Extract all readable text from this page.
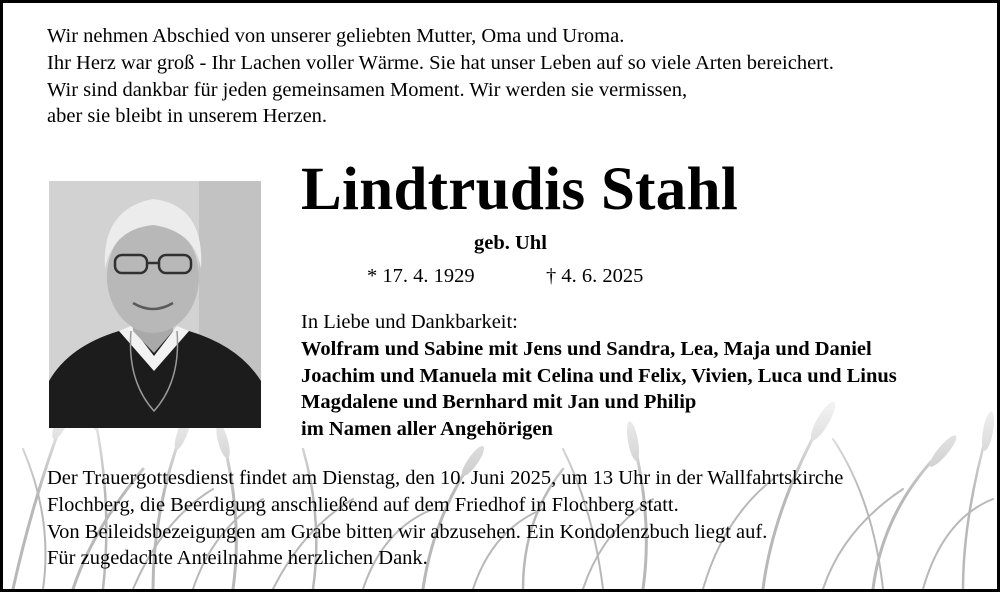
Wir nehmen Abschied von unserer geliebten Mutter, Oma und Uroma.
Ihr Herz war groß - Ihr Lachen voller Wärme. Sie hat unser Leben auf so viele Arten bereichert.
Wir sind dankbar für jeden gemeinsamen Moment. Wir werden sie vermissen,
aber sie bleibt in unserem Herzen.
Lindtrudis Stahl
geb. Uhl
* 17. 4. 1929	† 4. 6. 2025
In Liebe und Dankbarkeit:
Wolfram und Sabine mit Jens und Sandra, Lea, Maja und Daniel
Joachim und Manuela mit Celina und Felix, Vivien, Luca und Linus
Magdalene und Bernhard mit Jan und Philip
im Namen aller Angehörigen
Der Trauergottesdienst findet am Dienstag, den 10. Juni 2025, um 13 Uhr in der Wallfahrtskirche
Flochberg, die Beerdigung anschließend auf dem Friedhof in Flochberg statt.
Von Beileidsbezeigungen am Grabe bitten wir abzusehen. Ein Kondolenzbuch liegt auf.
Für zugedachte Anteilnahme herzlichen Dank.
